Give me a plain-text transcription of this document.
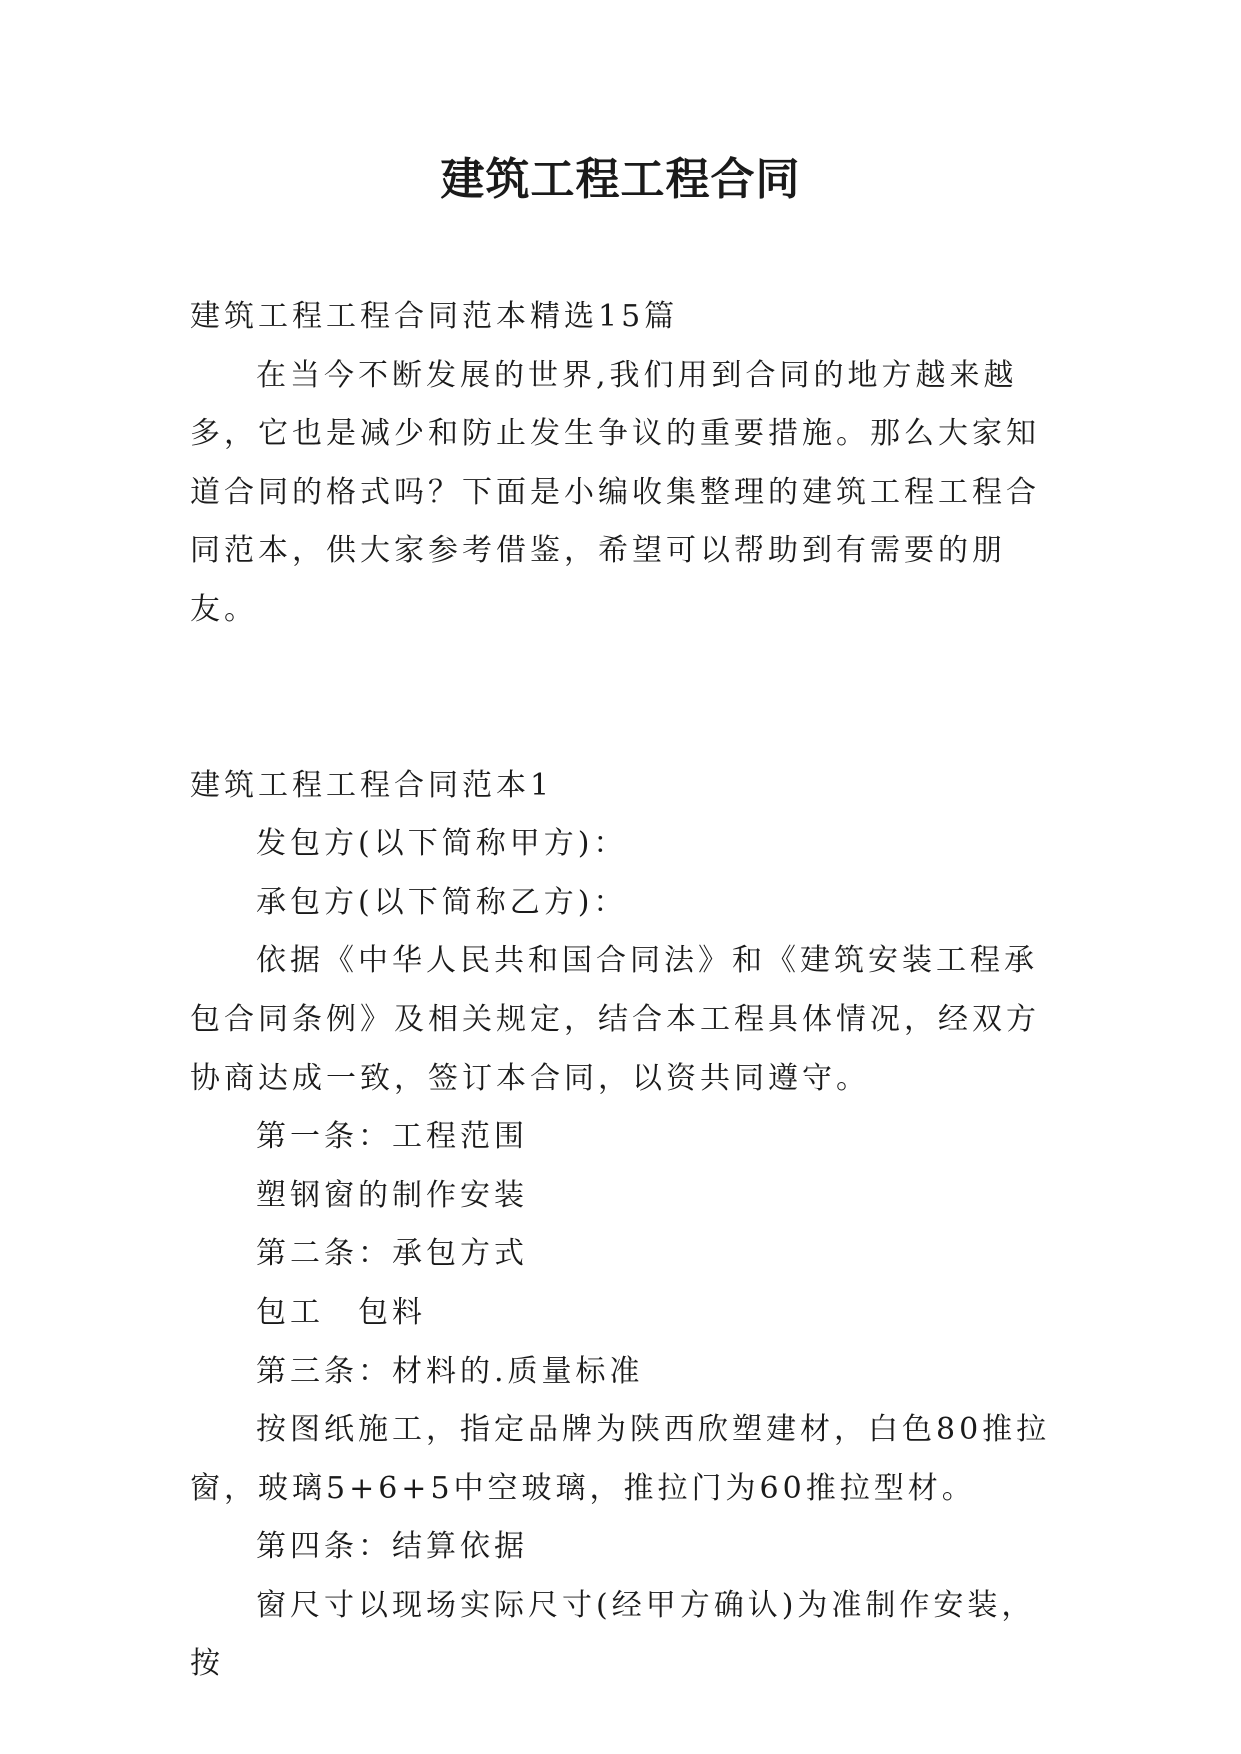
建筑工程工程合同

建筑工程工程合同范本精选15篇

在当今不断发展的世界,我们用到合同的地方越来越多，它也是减少和防止发生争议的重要措施。那么大家知道合同的格式吗？下面是小编收集整理的建筑工程工程合同范本，供大家参考借鉴，希望可以帮助到有需要的朋友。

建筑工程工程合同范本1

发包方(以下简称甲方)：

承包方(以下简称乙方)：

依据《中华人民共和国合同法》和《建筑安装工程承包合同条例》及相关规定，结合本工程具体情况，经双方协商达成一致，签订本合同，以资共同遵守。

第一条：工程范围

塑钢窗的制作安装

第二条：承包方式

包工　包料

第三条：材料的.质量标准

按图纸施工，指定品牌为陕西欣塑建材，白色80推拉窗，玻璃5+6+5中空玻璃，推拉门为60推拉型材。

第四条：结算依据

窗尺寸以现场实际尺寸(经甲方确认)为准制作安装，按
